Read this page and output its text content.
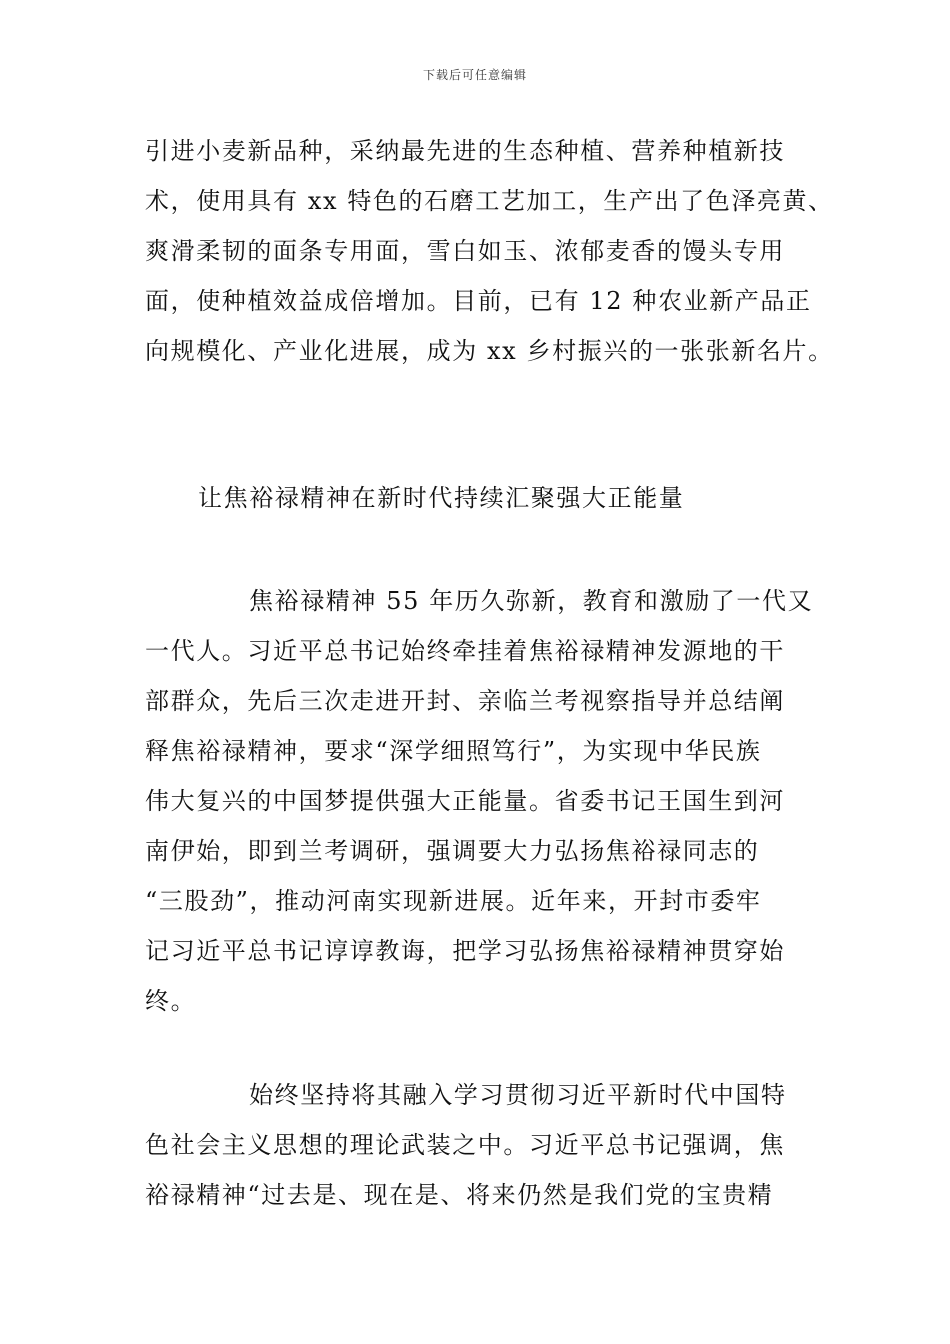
下载后可任意编辑
引进小麦新品种，采纳最先进的生态种植、营养种植新技
术，使用具有 xx 特色的石磨工艺加工，生产出了色泽亮黄、
爽滑柔韧的面条专用面，雪白如玉、浓郁麦香的馒头专用
面，使种植效益成倍增加。目前，已有 12 种农业新产品正
向规模化、产业化进展，成为 xx 乡村振兴的一张张新名片。
让焦裕禄精神在新时代持续汇聚强大正能量
焦裕禄精神 55 年历久弥新，教育和激励了一代又
一代人。习近平总书记始终牵挂着焦裕禄精神发源地的干
部群众，先后三次走进开封、亲临兰考视察指导并总结阐
释焦裕禄精神，要求“深学细照笃行”，为实现中华民族
伟大复兴的中国梦提供强大正能量。省委书记王国生到河
南伊始，即到兰考调研，强调要大力弘扬焦裕禄同志的
“三股劲”，推动河南实现新进展。近年来，开封市委牢
记习近平总书记谆谆教诲，把学习弘扬焦裕禄精神贯穿始
终。
始终坚持将其融入学习贯彻习近平新时代中国特
色社会主义思想的理论武装之中。习近平总书记强调，焦
裕禄精神“过去是、现在是、将来仍然是我们党的宝贵精
